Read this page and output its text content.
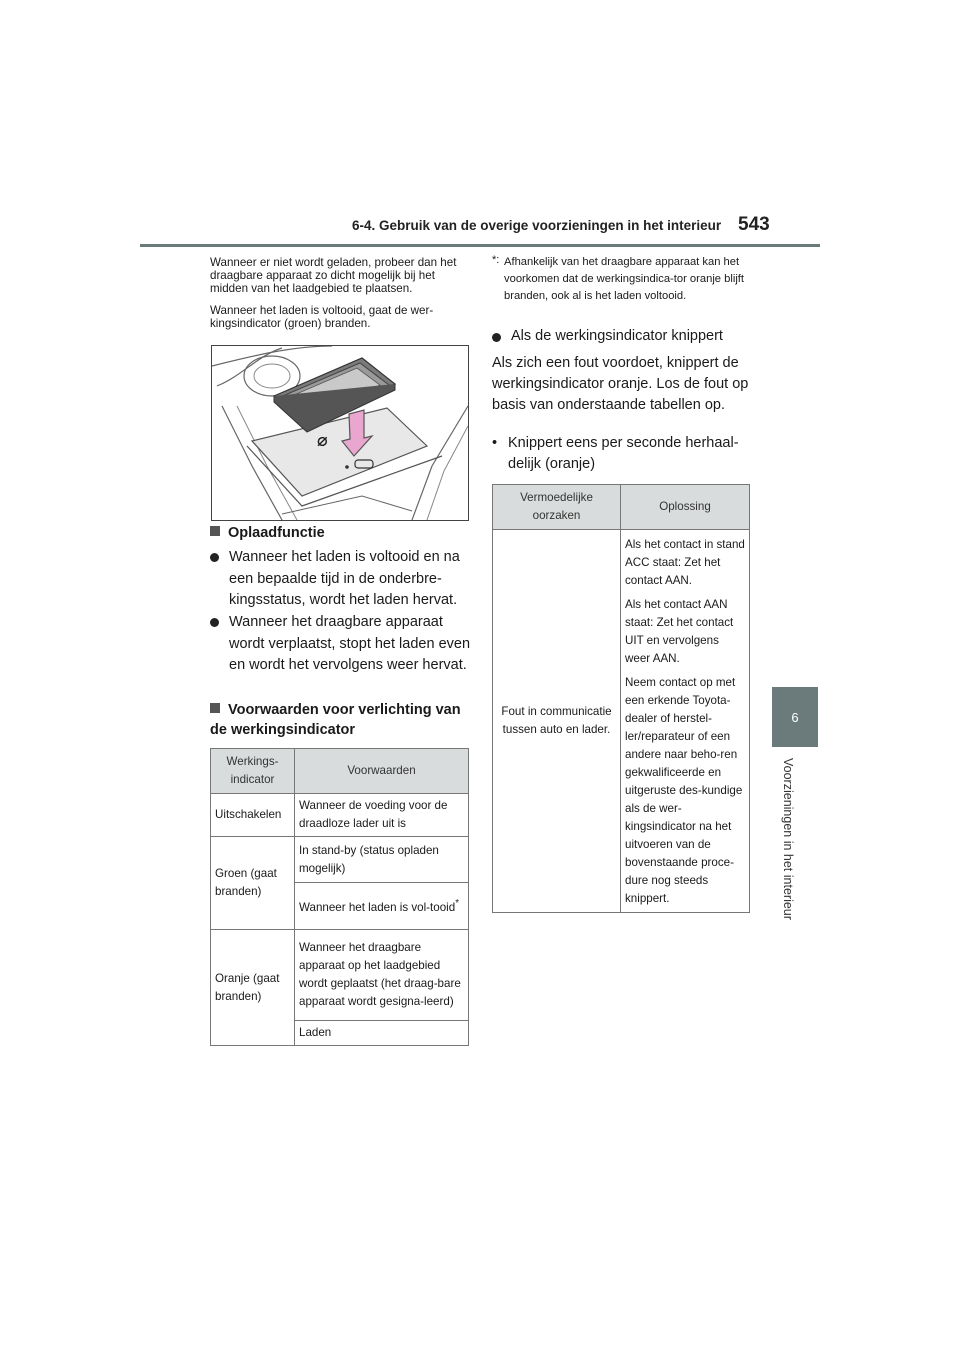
6-4. Gebruik van de overige voorzieningen in het interieur 543
6
Voorzieningen in het interieur

Wanneer er niet wordt geladen, probeer dan het draagbare apparaat zo dicht mogelijk bij het midden van het laadgebied te plaatsen.

Wanneer het laden is voltooid, gaat de wer-kingsindicator (groen) branden.

⌀
Oplaadfunctie
Wanneer het laden is voltooid en na een bepaalde tijd in de onderbre-kingsstatus, wordt het laden hervat.
Wanneer het draagbare apparaat wordt verplaatst, stopt het laden even en wordt het vervolgens weer hervat.
Voorwaarden voor verlichting van de werkingsindicator
Werkings-indicator	Voorwaarden
Uitschakelen	Wanneer de voeding voor de draadloze lader uit is
Groen (gaat branden)	In stand-by (status opladen mogelijk)
	Wanneer het laden is vol-tooid*
Oranje (gaat branden)	Wanneer het draagbare apparaat op het laadgebied wordt geplaatst (het draag-bare apparaat wordt gesigna-leerd)
	Laden

*: Afhankelijk van het draagbare apparaat kan het voorkomen dat de werkingsindica-tor oranje blijft branden, ook al is het laden voltooid.

Als de werkingsindicator knippert

Als zich een fout voordoet, knippert de werkingsindicator oranje. Los de fout op basis van onderstaande tabellen op.

• Knippert eens per seconde herhaal-delijk (oranje)

Vermoedelijke oorzaken	Oplossing
Fout in communicatie tussen auto en lader.	Als het contact in stand ACC staat: Zet het contact AAN.
Als het contact AAN staat: Zet het contact UIT en vervolgens weer AAN.
Neem contact op met een erkende Toyota-dealer of herstel-ler/reparateur of een andere naar beho-ren gekwalificeerde en uitgeruste des-kundige als de wer-kingsindicator na het uitvoeren van de bovenstaande proce-dure nog steeds knippert.
